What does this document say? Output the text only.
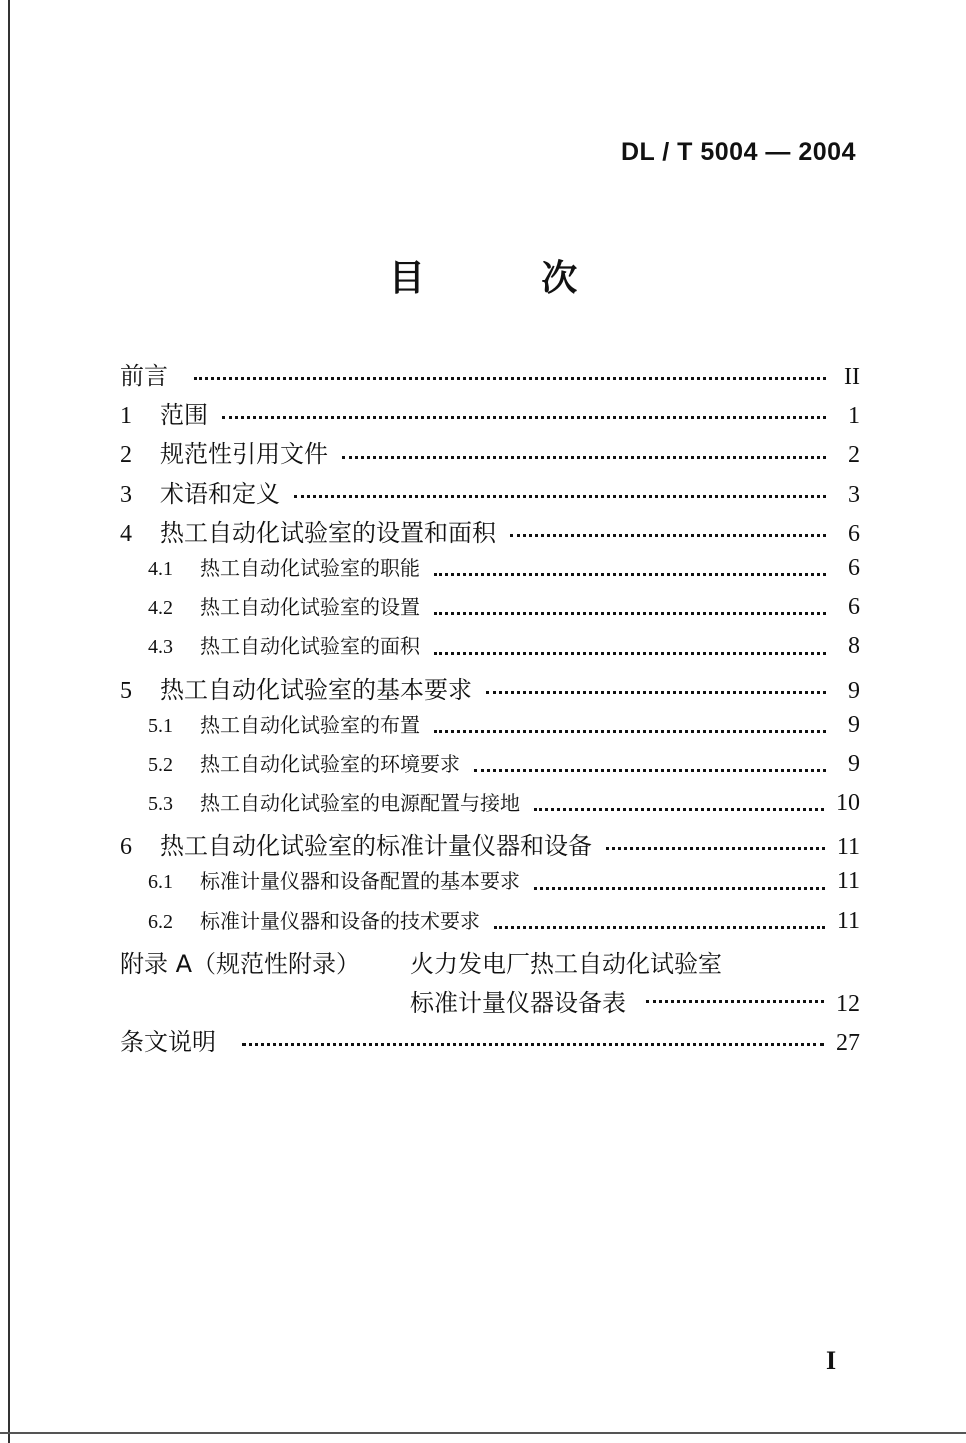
DL / T 5004 — 2004
目 次
前言	II
1	范围	1
2	规范性引用文件	2
3	术语和定义	3
4	热工自动化试验室的设置和面积	6
4.1	热工自动化试验室的职能	6
4.2	热工自动化试验室的设置	6
4.3	热工自动化试验室的面积	8
5	热工自动化试验室的基本要求	9
5.1	热工自动化试验室的布置	9
5.2	热工自动化试验室的环境要求	9
5.3	热工自动化试验室的电源配置与接地	10
6	热工自动化试验室的标准计量仪器和设备	11
6.1	标准计量仪器和设备配置的基本要求	11
6.2	标准计量仪器和设备的技术要求	11
附录 A（规范性附录）	火力发电厂热工自动化试验室
标准计量仪器设备表	12
条文说明	27
I
